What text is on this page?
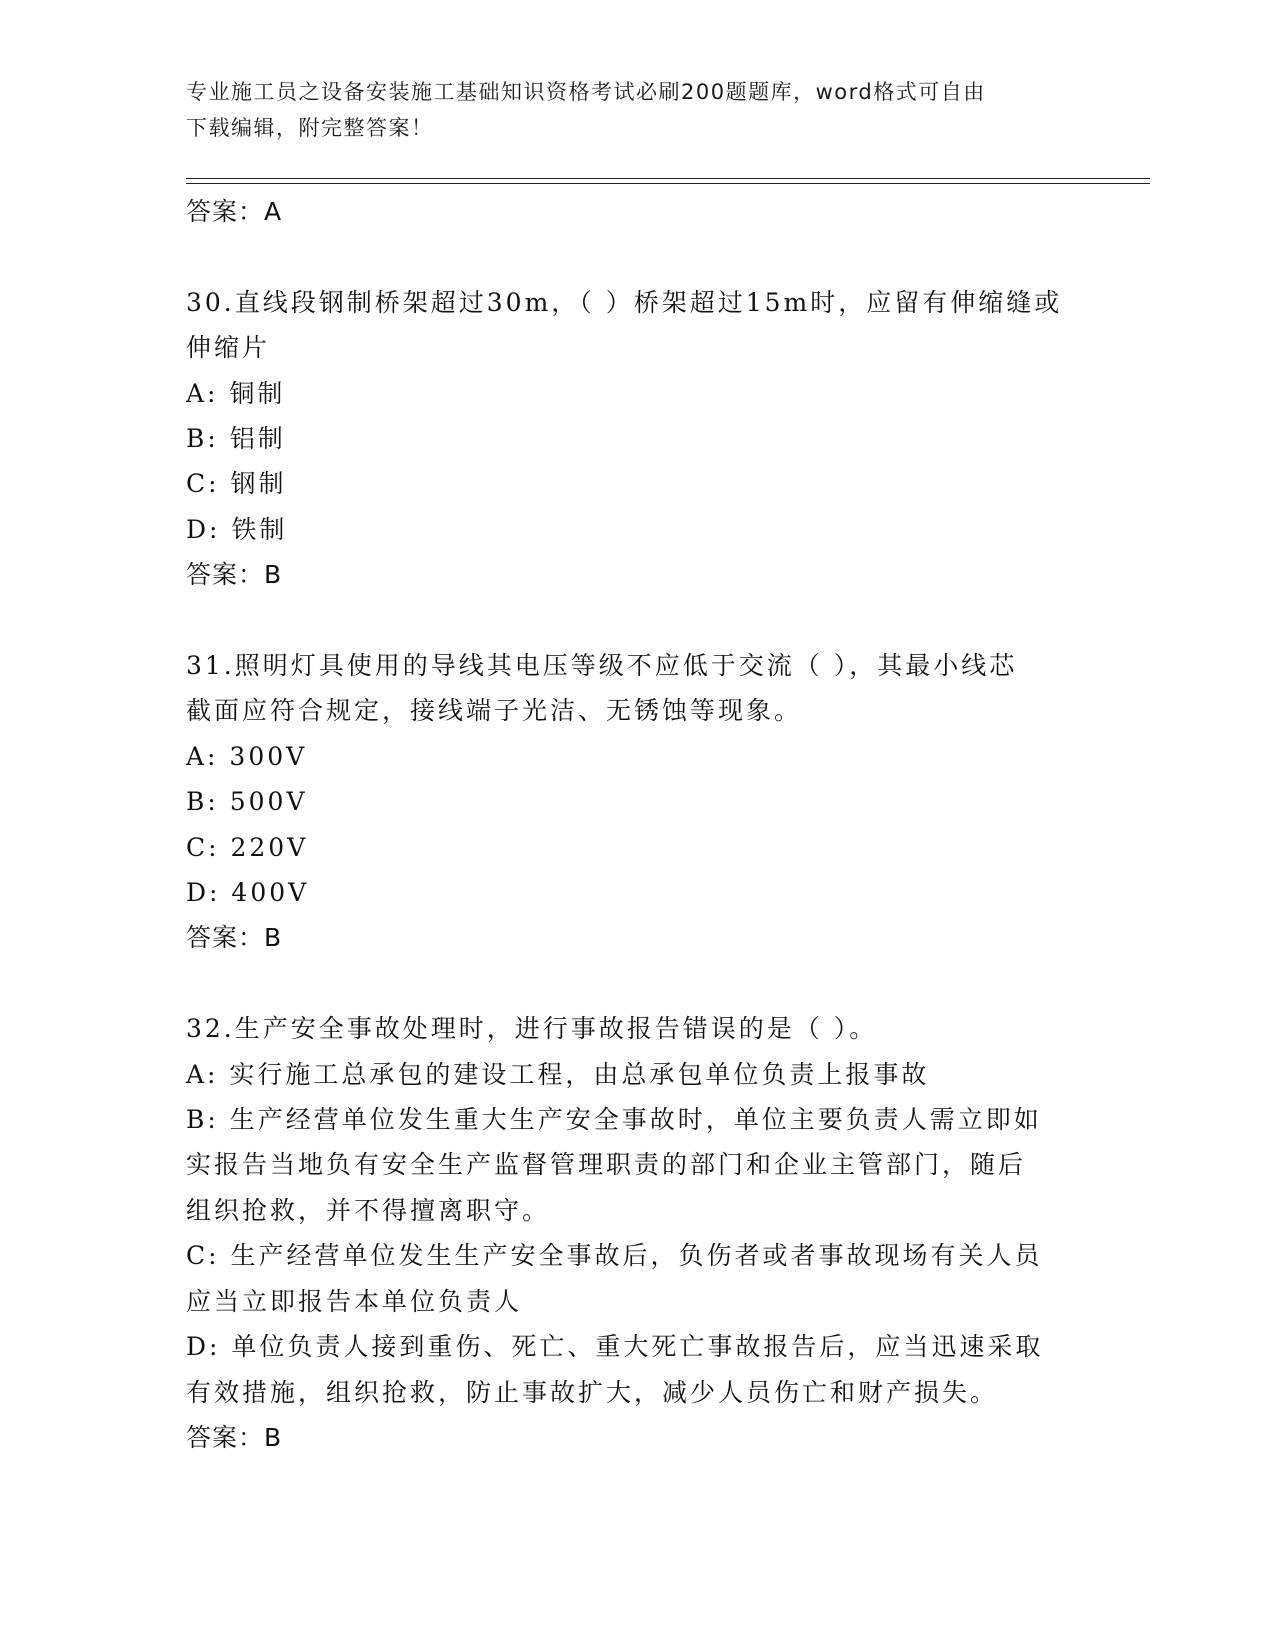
专业施工员之设备安装施工基础知识资格考试必刷200题题库，word格式可自由
下载编辑，附完整答案！
答案：A
30.直线段钢制桥架超过30m，（ ）桥架超过15m时，应留有伸缩缝或
伸缩片
A: 铜制
B: 铝制
C: 钢制
D: 铁制
答案：B
31.照明灯具使用的导线其电压等级不应低于交流（ ），其最小线芯
截面应符合规定，接线端子光洁、无锈蚀等现象。
A: 300V
B: 500V
C: 220V
D: 400V
答案：B
32.生产安全事故处理时，进行事故报告错误的是（ ）。
A: 实行施工总承包的建设工程，由总承包单位负责上报事故
B: 生产经营单位发生重大生产安全事故时，单位主要负责人需立即如
实报告当地负有安全生产监督管理职责的部门和企业主管部门，随后
组织抢救，并不得擅离职守。
C: 生产经营单位发生生产安全事故后，负伤者或者事故现场有关人员
应当立即报告本单位负责人
D: 单位负责人接到重伤、死亡、重大死亡事故报告后，应当迅速采取
有效措施，组织抢救，防止事故扩大，减少人员伤亡和财产损失。
答案：B
